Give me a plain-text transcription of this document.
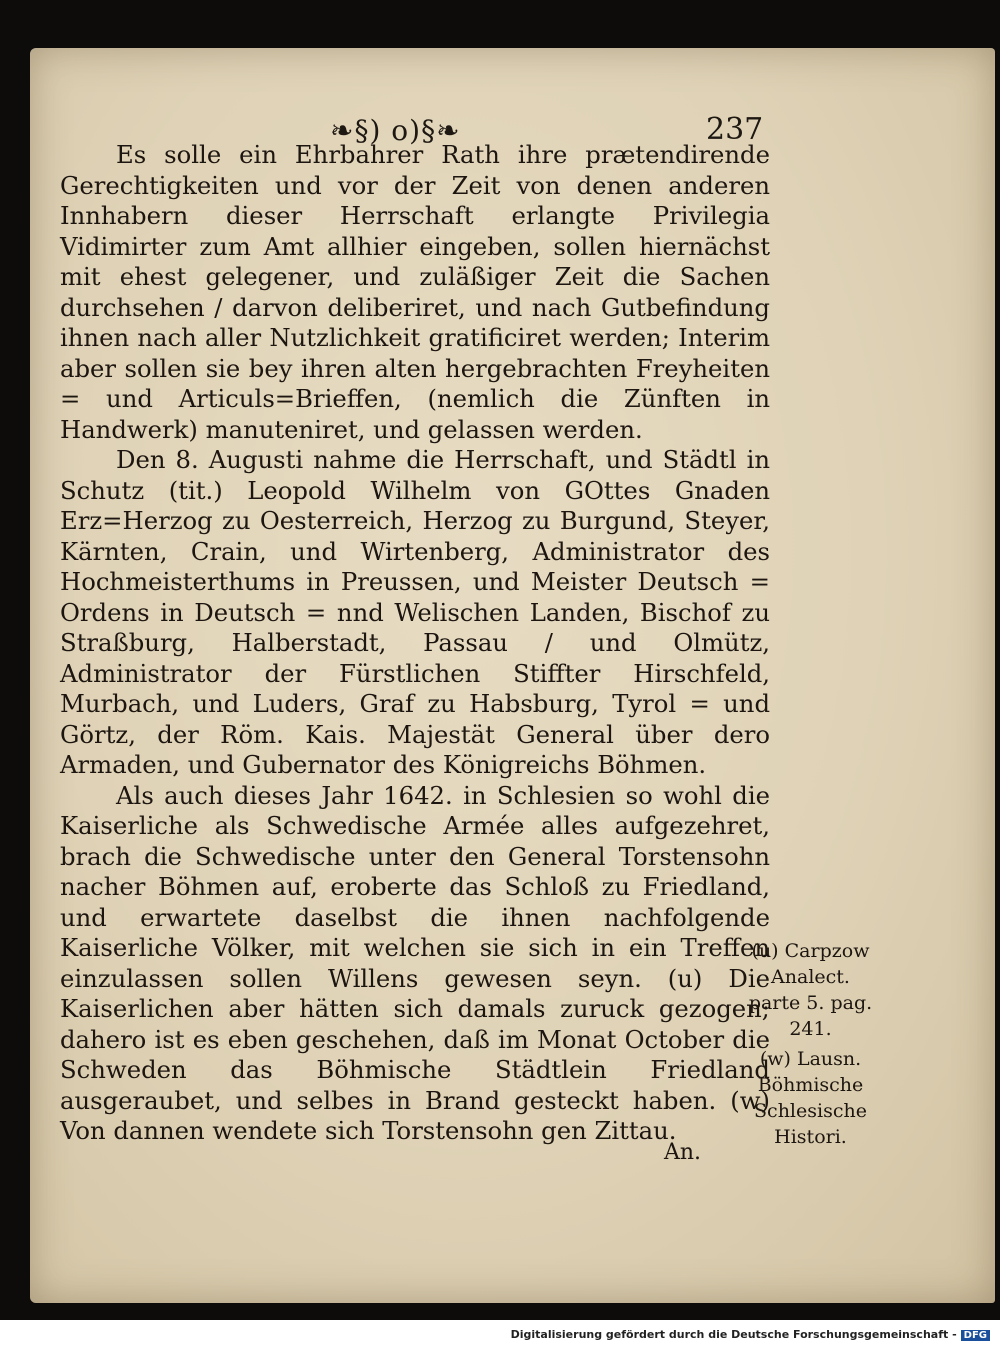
❧§) o)§❧	237

Es solle ein Ehrbahrer Rath ihre prætendirende Gerechtigkeiten und vor der Zeit von denen anderen Innhabern dieser Herrschaft erlangte Privilegia Vidimirter zum Amt allhier eingeben, sollen hiernächst mit ehest gelegener, und zuläßiger Zeit die Sachen durchsehen / darvon deliberiret, und nach Gutbefindung ihnen nach aller Nutzlichkeit gratificiret werden; Interim aber sollen sie bey ihren alten hergebrachten Freyheiten = und Articuls=Brieffen, (nemlich die Zünften in Handwerk) manuteniret, und gelassen werden.

Den 8. Augusti nahme die Herrschaft, und Städtl in Schutz (tit.) Leopold Wilhelm von GOttes Gnaden Erz=Herzog zu Oesterreich, Herzog zu Burgund, Steyer, Kärnten, Crain, und Wirtenberg, Administrator des Hochmeisterthums in Preussen, und Meister Deutsch = Ordens in Deutsch = nnd Welischen Landen, Bischof zu Straßburg, Halberstadt, Passau / und Olmütz, Administrator der Fürstlichen Stiffter Hirschfeld, Murbach, und Luders, Graf zu Habsburg, Tyrol = und Görtz, der Röm. Kais. Majestät General über dero Armaden, und Gubernator des Königreichs Böhmen.

Als auch dieses Jahr 1642. in Schlesien so wohl die Kaiserliche als Schwedische Armée alles aufgezehret, brach die Schwedische unter den General Torstensohn nacher Böhmen auf, eroberte das Schloß zu Friedland, und erwartete daselbst die ihnen nachfolgende Kaiserliche Völker, mit welchen sie sich in ein Treffen einzulassen sollen Willens gewesen seyn. (u) Die Kaiserlichen aber hätten sich damals zuruck gezogen; dahero ist es eben geschehen, daß im Monat October die Schweden das Böhmische Städtlein Friedland ausgeraubet, und selbes in Brand gesteckt haben. (w) Von dannen wendete sich Torstensohn gen Zittau.

(u) Carpzow Analect. parte 5. pag. 241.

(w) Lausn. Böhmische Schlesische Histori.

An.
Digitalisierung gefördert durch die Deutsche Forschungsgemeinschaft - DFG
